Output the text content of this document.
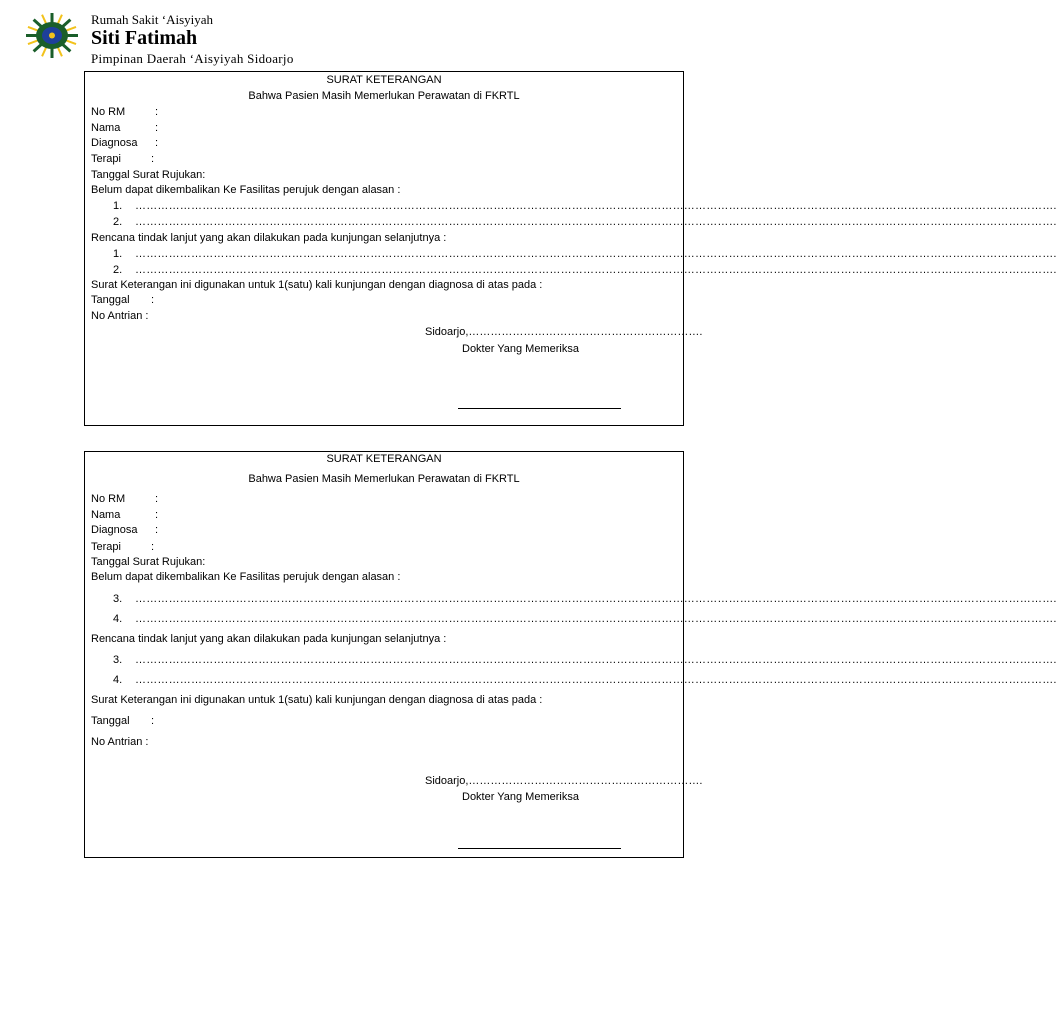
Rumah Sakit ‘Aisyiyah
Siti Fatimah
Pimpinan Daerah ‘Aisyiyah Sidoarjo
SURAT KETERANGAN
Bahwa Pasien Masih Memerlukan Perawatan di FKRTL
No RM	:
Nama	:
Diagnosa :
Terapi	:
Tanggal Surat Rujukan:
Belum dapat dikembalikan Ke Fasilitas perujuk dengan alasan :
1. ………………………………………………………………………………………………………………………………………………………………………………………………………………………….
2. ………………………………………………………………………………………………………………………………………………………………………………………………………………………….
Rencana tindak lanjut yang akan dilakukan pada kunjungan selanjutnya :
1. ………………………………………………………………………………………………………………………………………………………………………………………………………………………….
2. ………………………………………………………………………………………………………………………………………………………………………………………………………………………….
Surat Keterangan ini digunakan untuk 1(satu) kali kunjungan dengan diagnosa di atas pada :
Tanggal :
No Antrian :
Sidoarjo,……………………………………………………….
Dokter Yang Memeriksa
SURAT KETERANGAN
Bahwa Pasien Masih Memerlukan Perawatan di FKRTL
No RM	:
Nama	:
Diagnosa :
Terapi	:
Tanggal Surat Rujukan:
Belum dapat dikembalikan Ke Fasilitas perujuk dengan alasan :
3. ………………………………………………………………………………………………………………………………………………………………………………………………………………………….
4. ………………………………………………………………………………………………………………………………………………………………………………………………………………………….
Rencana tindak lanjut yang akan dilakukan pada kunjungan selanjutnya :
3. ………………………………………………………………………………………………………………………………………………………………………………………………………………………….
4. ………………………………………………………………………………………………………………………………………………………………………………………………………………………….
Surat Keterangan ini digunakan untuk 1(satu) kali kunjungan dengan diagnosa di atas pada :
Tanggal :
No Antrian :
Sidoarjo,……………………………………………………….
Dokter Yang Memeriksa
